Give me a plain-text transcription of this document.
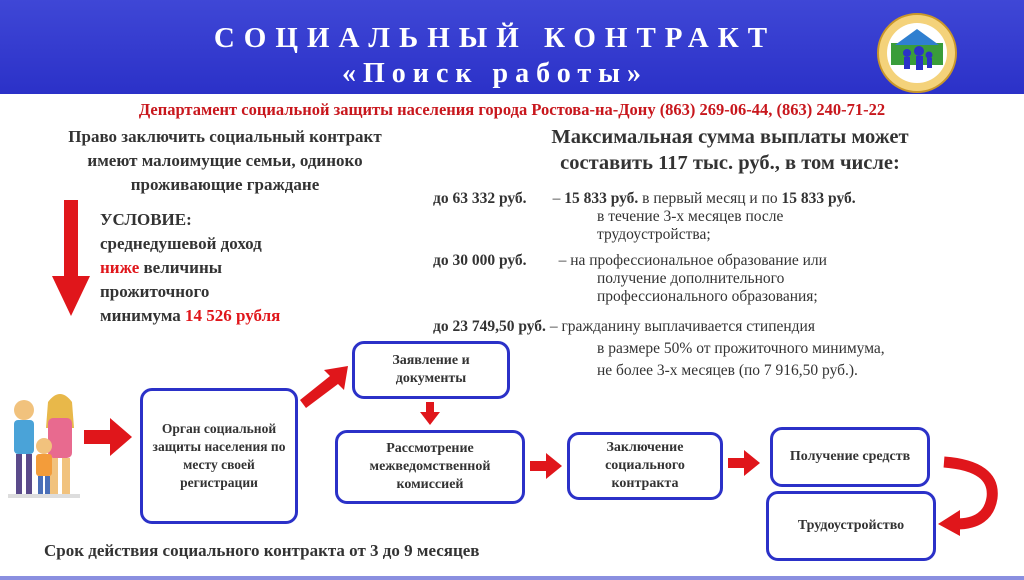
СОЦИАЛЬНЫЙ КОНТРАКТ
«Поиск работы»
Департамент социальной защиты населения города Ростова-на-Дону (863) 269-06-44, (863) 240-71-22
Право заключить социальный контракт
имеют малоимущие семьи, одиноко
проживающие граждане
УСЛОВИЕ:
среднедушевой доход
ниже величины
прожиточного
минимума 14 526 рубля
Максимальная сумма выплаты может
составить 117 тыс. руб., в том числе:
до 63 332 руб. – 15 833 руб. в первый месяц и по 15 833 руб.
в течение 3-х месяцев после
трудоустройства;
до 30 000 руб. – на профессиональное образование или
получение дополнительного
профессионального образования;
до 23 749,50 руб. – гражданину выплачивается стипендия
в размере 50% от прожиточного минимума,
не более 3-х месяцев (по 7 916,50 руб.).
Орган социальной защиты населения по месту своей регистрации
Заявление и документы
Рассмотрение межведомственной комиссией
Заключение социального контракта
Получение средств
Трудоустройство
Срок действия социального контракта от 3 до 9 месяцев
